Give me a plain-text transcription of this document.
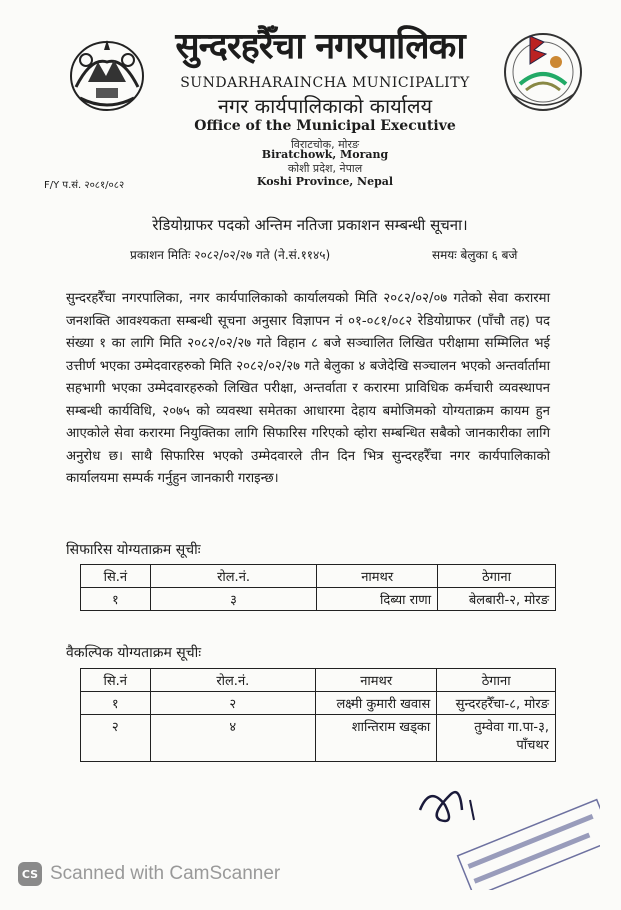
सुन्दरहरैँचा नगरपालिका
SUNDARHARAINCHA MUNICIPALITY
नगर कार्यपालिकाको कार्यालय
Office of the Municipal Executive
विराटचोक, मोरङ
Biratchowk, Morang
कोशी प्रदेश, नेपाल
Koshi Province, Nepal
F/Y प.सं. २०८१/०८२
रेडियोग्राफर पदको अन्तिम नतिजा प्रकाशन सम्बन्धी सूचना।
प्रकाशन मितिः २०८२/०२/२७ गते (ने.सं.११४५)	समयः बेलुका ६ बजे
सुन्दरहरैँचा नगरपालिका, नगर कार्यपालिकाको कार्यालयको मिति २०८२/०२/०७ गतेको सेवा करारमा जनशक्ति आवश्यकता सम्बन्धी सूचना अनुसार विज्ञापन नं ०१-०८१/०८२ रेडियोग्राफर (पाँचौ तह) पद संख्या १ का लागि मिति २०८२/०२/२७ गते विहान ८ बजे सञ्चालित लिखित परीक्षामा सम्मिलित भई उत्तीर्ण भएका उम्मेदवारहरुको मिति २०८२/०२/२७ गते बेलुका ४ बजेदेखि सञ्चालन भएको अन्तर्वार्तामा सहभागी भएका उम्मेदवारहरुको लिखित परीक्षा, अन्तर्वाता र करारमा प्राविधिक कर्मचारी व्यवस्थापन सम्बन्धी कार्यविधि, २०७५ को व्यवस्था समेतका आधारमा देहाय बमोजिमको योग्यताक्रम कायम हुन आएकोले सेवा करारमा नियुक्तिका लागि सिफारिस गरिएको व्होरा सम्बन्धित सबैको जानकारीका लागि अनुरोध छ। साथै सिफारिस भएको उम्मेदवारले तीन दिन भित्र सुन्दरहरैँचा नगर कार्यपालिकाको कार्यालयमा सम्पर्क गर्नुहुन जानकारी गराइन्छ।
सिफारिस योग्यताक्रम सूचीः
सि.नं	रोल.नं.	नामथर	ठेगाना
१	३	दिब्या राणा	बेलबारी-२, मोरङ
वैकल्पिक योग्यताक्रम सूचीः
सि.नं	रोल.नं.	नामथर	ठेगाना
१	२	लक्ष्मी कुमारी खवास	सुन्दरहरैँचा-८, मोरङ
२	४	शान्तिराम खड्का	तुम्वेवा गा.पा-३, पाँचथर
CS Scanned with CamScanner
